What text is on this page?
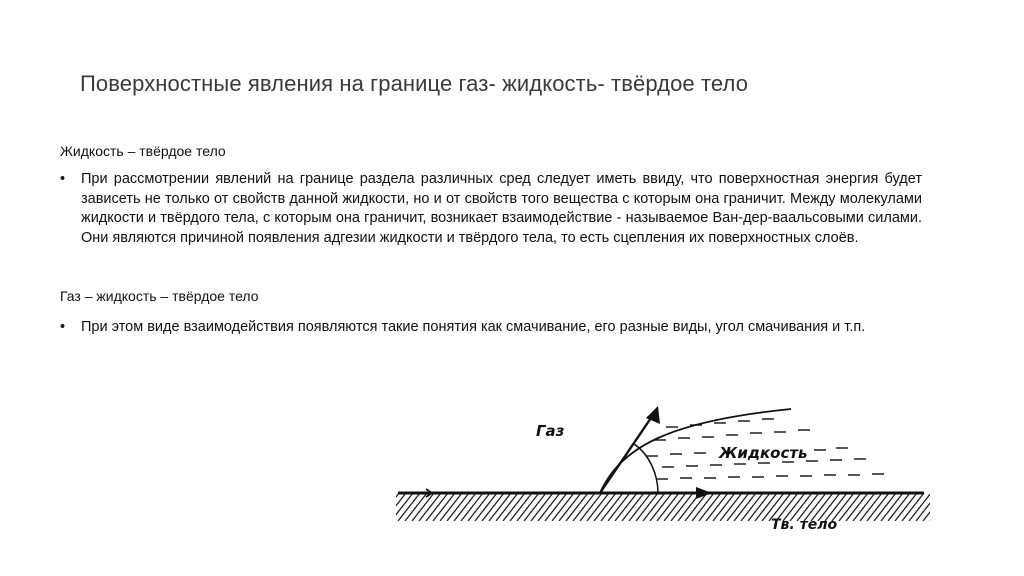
Поверхностные явления на границе газ- жидкость- твёрдое тело
Жидкость – твёрдое тело
• При рассмотрении явлений на границе раздела различных сред следует иметь ввиду, что поверхностная энергия будет зависеть не только от свойств данной жидкости, но и от свойств того вещества с которым она граничит. Между молекулами жидкости и твёрдого тела, с которым она граничит, возникает взаимодействие - называемое Ван-дер-ваальсовыми силами. Они являются причиной появления адгезии жидкости и твёрдого тела, то есть сцепления их поверхностных слоёв.
Газ – жидкость – твёрдое тело
• При этом виде взаимодействия появляются такие понятия как смачивание, его разные виды, угол смачивания и т.п.
Газ
Жидкость
Тв. тело
